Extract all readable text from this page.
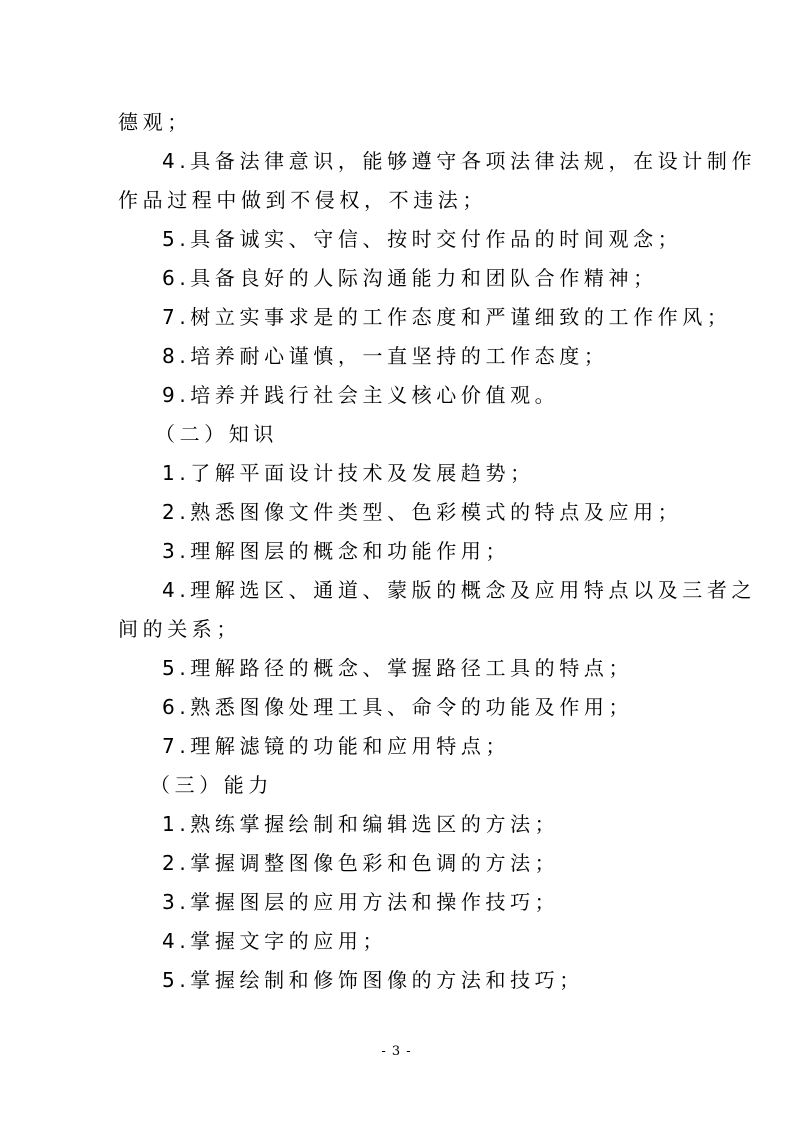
德观；
4.具备法律意识，能够遵守各项法律法规，在设计制作
作品过程中做到不侵权，不违法；
5.具备诚实、守信、按时交付作品的时间观念；
6.具备良好的人际沟通能力和团队合作精神；
7.树立实事求是的工作态度和严谨细致的工作作风；
8.培养耐心谨慎，一直坚持的工作态度；
9.培养并践行社会主义核心价值观。
（二）知识
1.了解平面设计技术及发展趋势；
2.熟悉图像文件类型、色彩模式的特点及应用；
3.理解图层的概念和功能作用；
4.理解选区、通道、蒙版的概念及应用特点以及三者之
间的关系；
5.理解路径的概念、掌握路径工具的特点；
6.熟悉图像处理工具、命令的功能及作用；
7.理解滤镜的功能和应用特点；
（三）能力
1.熟练掌握绘制和编辑选区的方法；
2.掌握调整图像色彩和色调的方法；
3.掌握图层的应用方法和操作技巧；
4.掌握文字的应用；
5.掌握绘制和修饰图像的方法和技巧；
- 3 -
